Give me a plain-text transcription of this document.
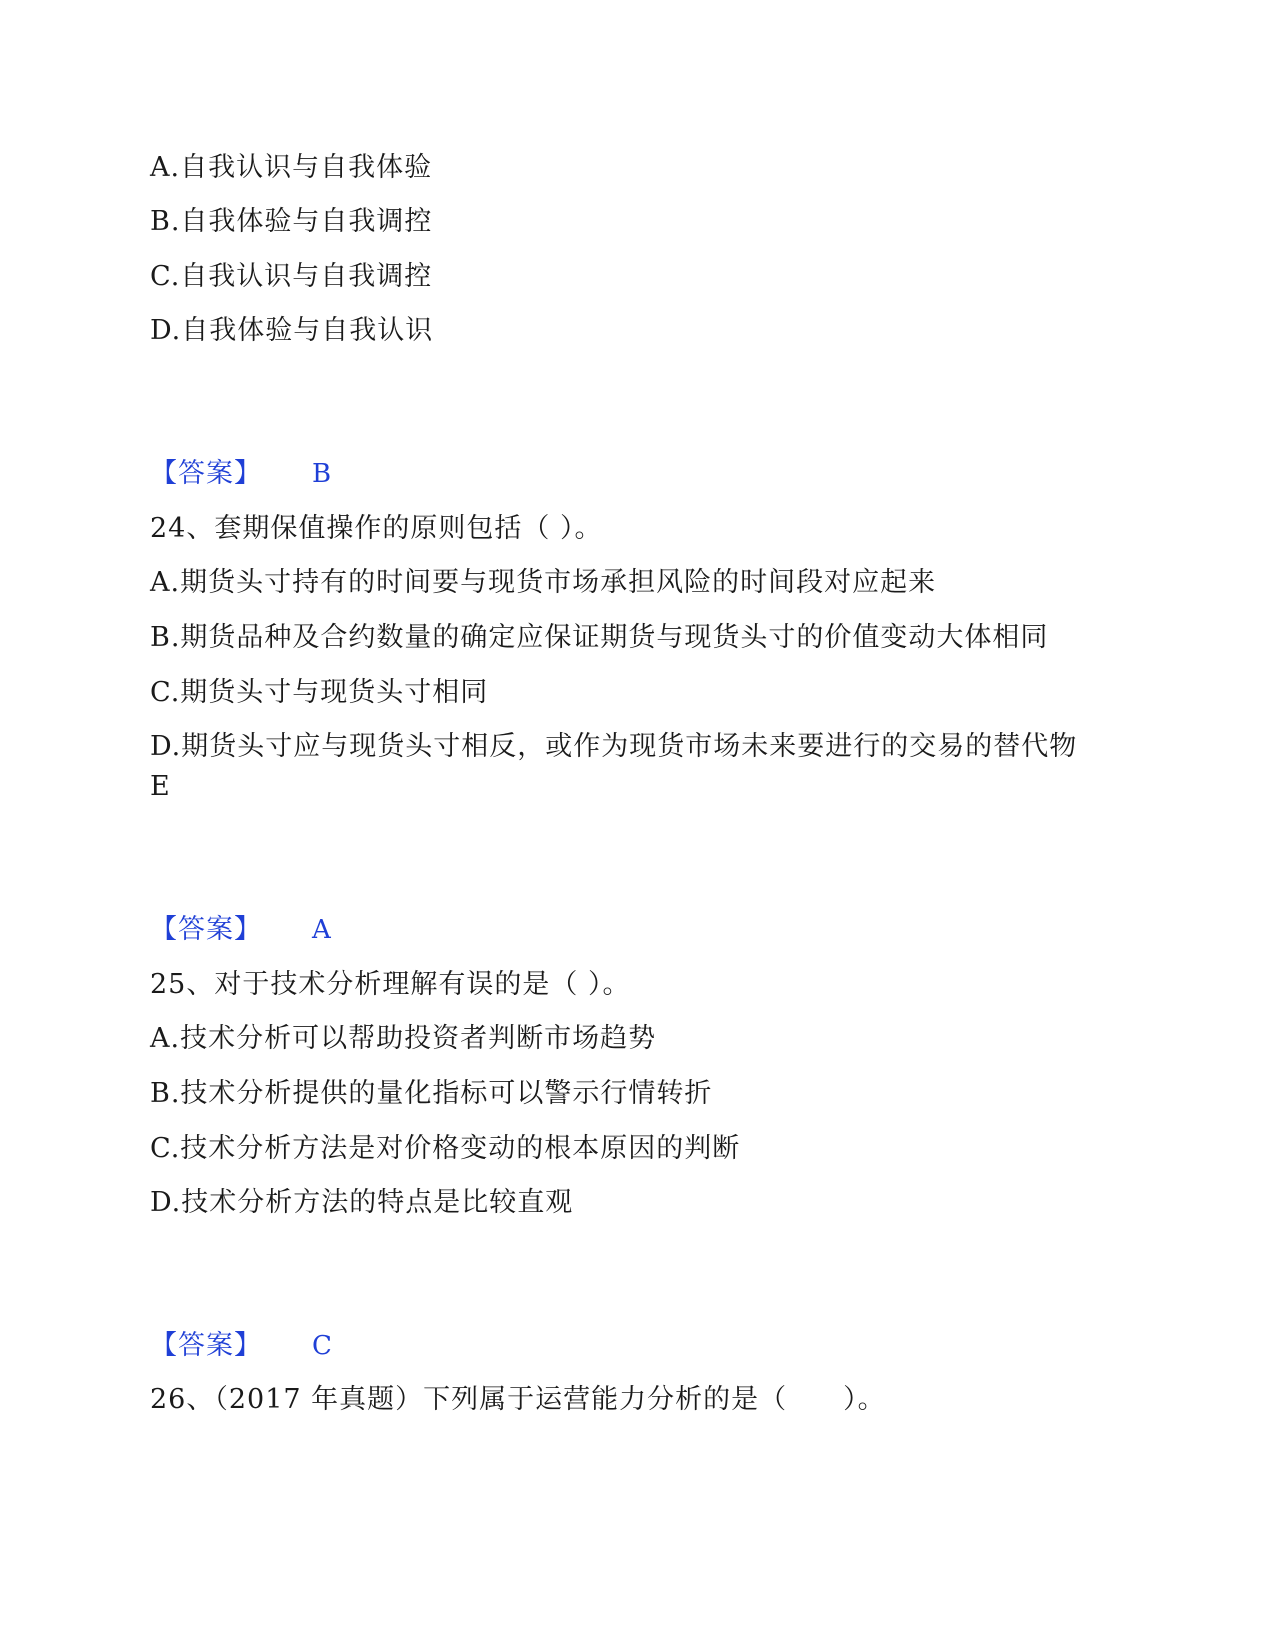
A.自我认识与自我体验
B.自我体验与自我调控
C.自我认识与自我调控
D.自我体验与自我认识
【答案】 B
24、套期保值操作的原则包括（ ）。
A.期货头寸持有的时间要与现货市场承担风险的时间段对应起来
B.期货品种及合约数量的确定应保证期货与现货头寸的价值变动大体相同
C.期货头寸与现货头寸相同
D.期货头寸应与现货头寸相反，或作为现货市场未来要进行的交易的替代物
E
【答案】 A
25、对于技术分析理解有误的是（ ）。
A.技术分析可以帮助投资者判断市场趋势
B.技术分析提供的量化指标可以警示行情转折
C.技术分析方法是对价格变动的根本原因的判断
D.技术分析方法的特点是比较直观
【答案】 C
26、（2017 年真题）下列属于运营能力分析的是（　　）。
